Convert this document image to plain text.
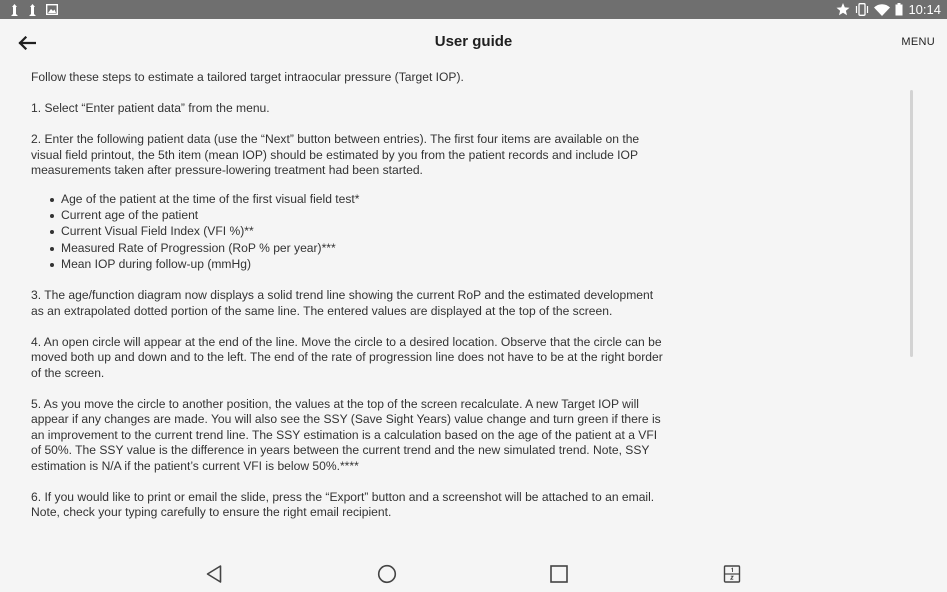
10:14
User guide	MENU

Follow these steps to estimate a tailored target intraocular pressure (Target IOP).

1. Select “Enter patient data” from the menu.

2. Enter the following patient data (use the “Next” button between entries). The first four items are available on the visual field printout, the 5th item (mean IOP) should be estimated by you from the patient records and include IOP measurements taken after pressure-lowering treatment had been started.

Age of the patient at the time of the first visual field test*
Current age of the patient
Current Visual Field Index (VFI %)**
Measured Rate of Progression (RoP % per year)***
Mean IOP during follow-up (mmHg)

3. The age/function diagram now displays a solid trend line showing the current RoP and the estimated development as an extrapolated dotted portion of the same line. The entered values are displayed at the top of the screen.

4. An open circle will appear at the end of the line. Move the circle to a desired location. Observe that the circle can be moved both up and down and to the left. The end of the rate of progression line does not have to be at the right border of the screen.

5. As you move the circle to another position, the values at the top of the screen recalculate. A new Target IOP will appear if any changes are made. You will also see the SSY (Save Sight Years) value change and turn green if there is an improvement to the current trend line. The SSY estimation is a calculation based on the age of the patient at a VFI of 50%. The SSY value is the difference in years between the current trend and the new simulated trend. Note, SSY estimation is N/A if the patient’s current VFI is below 50%.****

6. If you would like to print or email the slide, press the “Export” button and a screenshot will be attached to an email. Note, check your typing carefully to ensure the right email recipient.
